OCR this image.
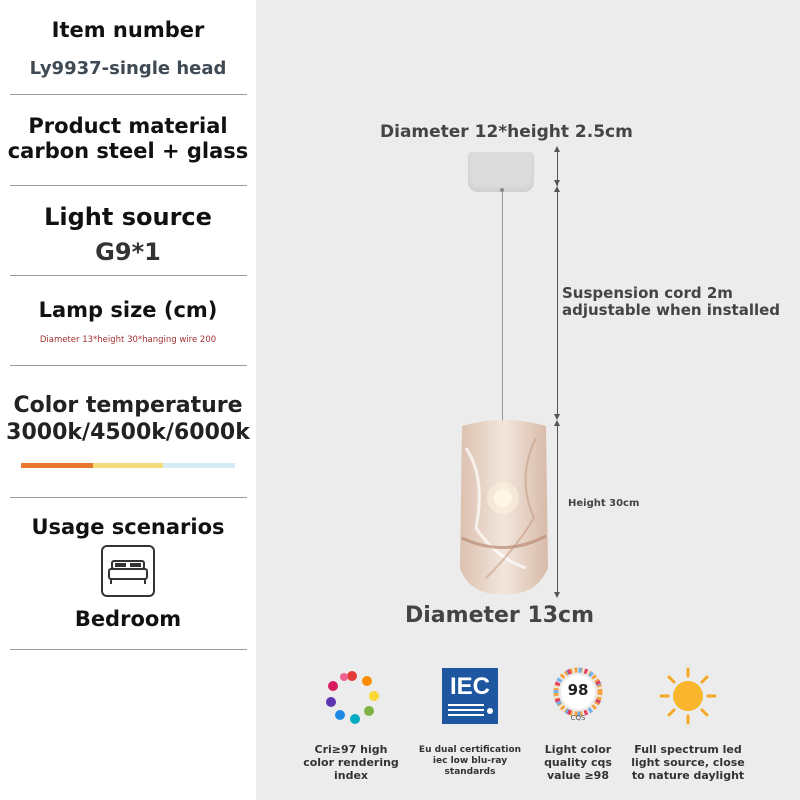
Item number
Ly9937-single head
Product material
carbon steel + glass
Light source
G9*1
Lamp size (cm)
Diameter 13*height 30*hanging wire 200
Color temperature
3000k/4500k/6000k
Usage scenarios
Bedroom
Diameter 12*height 2.5cm
Suspension cord 2m
adjustable when installed
Height 30cm
Diameter 13cm
IEC	98
CQS
Cri≥97 high
color rendering
index
Eu dual certification
iec low blu-ray
standards
Light color
quality cqs
value ≥98
Full spectrum led
light source, close
to nature daylight
